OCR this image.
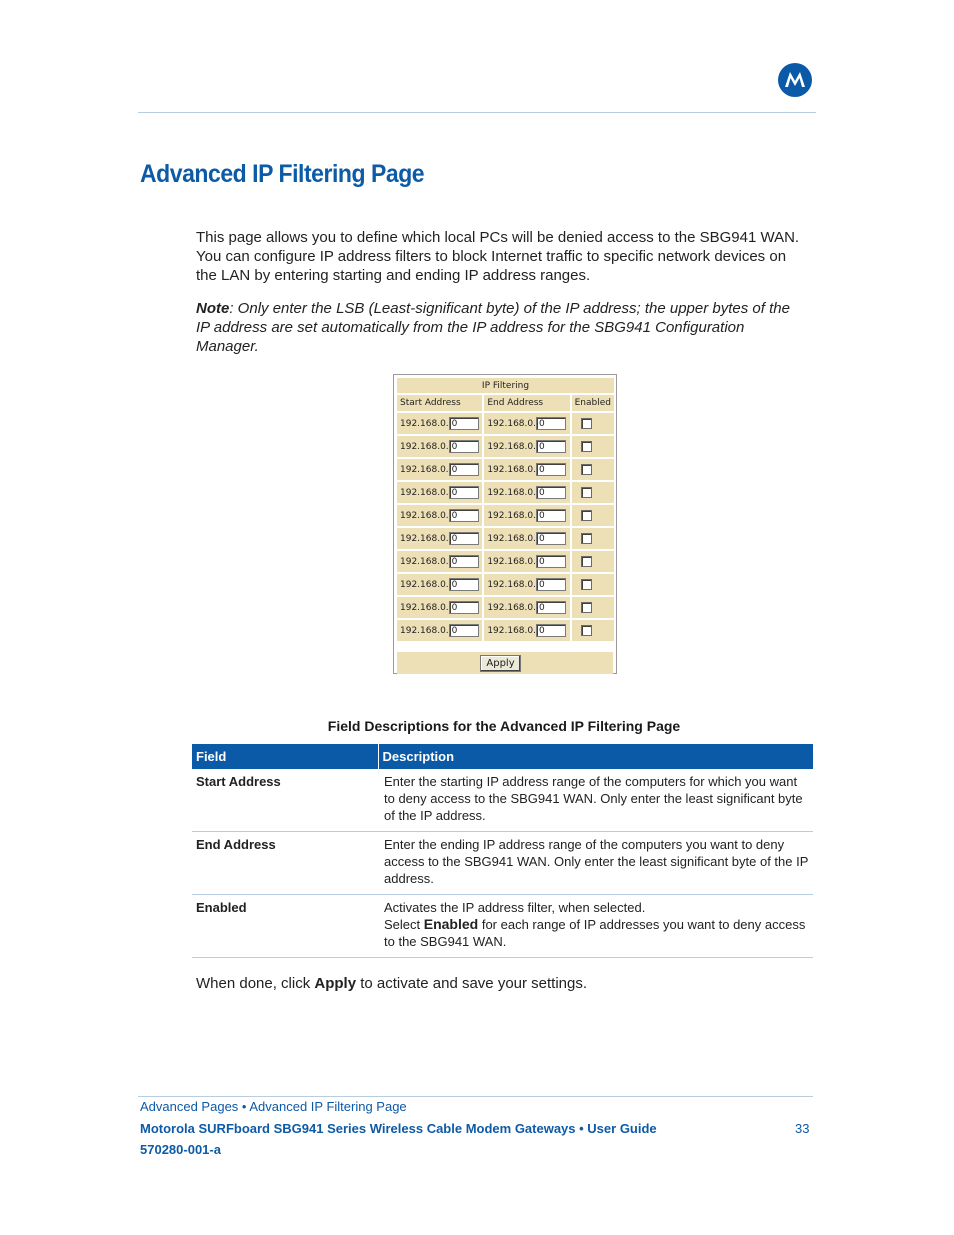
Advanced IP Filtering Page
This page allows you to define which local PCs will be denied access to the SBG941 WAN. You can configure IP address filters to block Internet traffic to specific network devices on the LAN by entering starting and ending IP address ranges.
Note: Only enter the LSB (Least-significant byte) of the IP address; the upper bytes of the IP address are set automatically from the IP address for the SBG941 Configuration Manager.
IP Filtering		
Start Address	End Address	Enabled
192.168.0. 0	192.168.0. 0	
192.168.0. 0	192.168.0. 0	
192.168.0. 0	192.168.0. 0	
192.168.0. 0	192.168.0. 0	
192.168.0. 0	192.168.0. 0	
192.168.0. 0	192.168.0. 0	
192.168.0. 0	192.168.0. 0	
192.168.0. 0	192.168.0. 0	
192.168.0. 0	192.168.0. 0	
192.168.0. 0	192.168.0. 0	
Apply
Field Descriptions for the Advanced IP Filtering Page
Field	Description
Start Address	Enter the starting IP address range of the computers for which you want to deny access to the SBG941 WAN. Only enter the least significant byte of the IP address.
End Address	Enter the ending IP address range of the computers you want to deny access to the SBG941 WAN. Only enter the least significant byte of the IP address.
Enabled	Activates the IP address filter, when selected.
Select Enabled for each range of IP addresses you want to deny access to the SBG941 WAN.
When done, click Apply to activate and save your settings.
Advanced Pages • Advanced IP Filtering Page
Motorola SURFboard SBG941 Series Wireless Cable Modem Gateways • User Guide
570280-001-a
33
